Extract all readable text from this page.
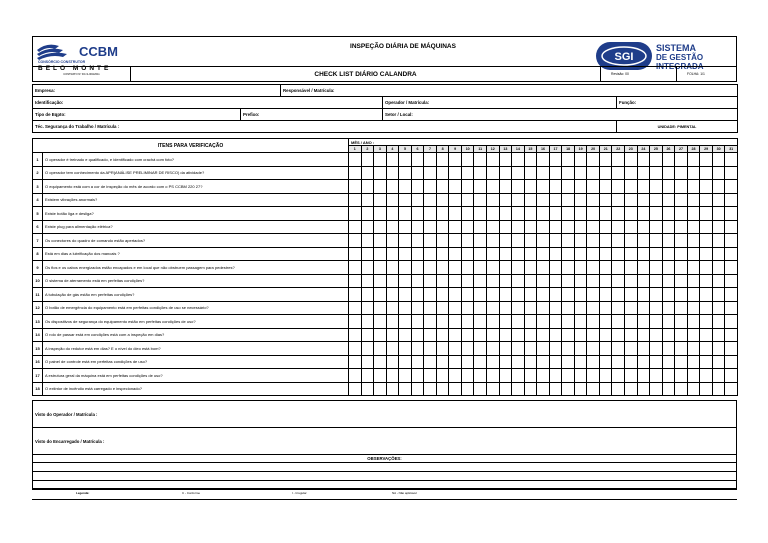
CCBM
CONSÓRCIO CONSTRUTOR
BELO MONTE
INSPEÇÃO DIÁRIA DE MÁQUINAS
SGI
SISTEMA
DE GESTÃO
INTEGRADA
CONTRATO Nº DC-S-004/2011	CHECK LIST DIÁRIO CALANDRA	Revisão: 00	FOLHA: 1/1
Empresa:		Responsável / Matrícula:		
Identificação:			Operador / Matrícula:	Função:
Tipo de Eqpto:	Prefixo:		Setor / Local:	
Téc. Segurança do Trabalho / Matrícula :				UNIDADE: PIMENTAL
ITENS PARA VERIFICAÇÃO		MÊS / ANO :																														
		1	2	3	4	5	6	7	8	9	10	11	12	13	14	15	16	17	18	19	20	21	22	23	24	25	26	27	28	29	30	31
1	O operador é treinado e qualificado, e identificado com crachá com foto?																															
2	O operador tem conhecimento da APR(ANÁLISE PRELIMINAR DE RISCO) da atividade?																															
3	O equipamento está com a cor de inspeção do mês de acordo com o PS CCBM 220 27?																															
4	Existem vibrações anormais?																															
5	Existe botão liga e desliga?																															
6	Existe plug para alimentação elétrica?																															
7	Os conectores do quadro de comando estão apertados?																															
8	Está em dias a lubrificação dos mancais ?																															
9	Os fios e os cabos energizados estão encapados e em local que não obstruem passagem para pedestres?																															
10	O sistema de aterramento está em perfeitas condições?																															
11	A tubulação de gás estão em perfeitas condições?																															
12	O botão de emergência do equipamento está em perfeitas condições de uso se necessário?																															
13	Os dispositivos de segurança do equipamento estão em perfeitas condições de uso?																															
14	O rolo de passar está em condições está com a inspeção em dias?																															
15	A inspeção do redutor está em dias? E o nível do óleo está bom?																															
16	O painel de controle está em perfeitas condições de uso?																															
17	A estrutura geral da máquina está em perfeitas condições de uso?																															
18	O extintor de incêndio está carregado e inspecionado?																															
Visto do Operador / Matrícula :
Visto do Encarregado / Matrícula :
OBSERVAÇÕES:

Legenda:	C - Conforme	I - Irregular	NA - Não aplicável
